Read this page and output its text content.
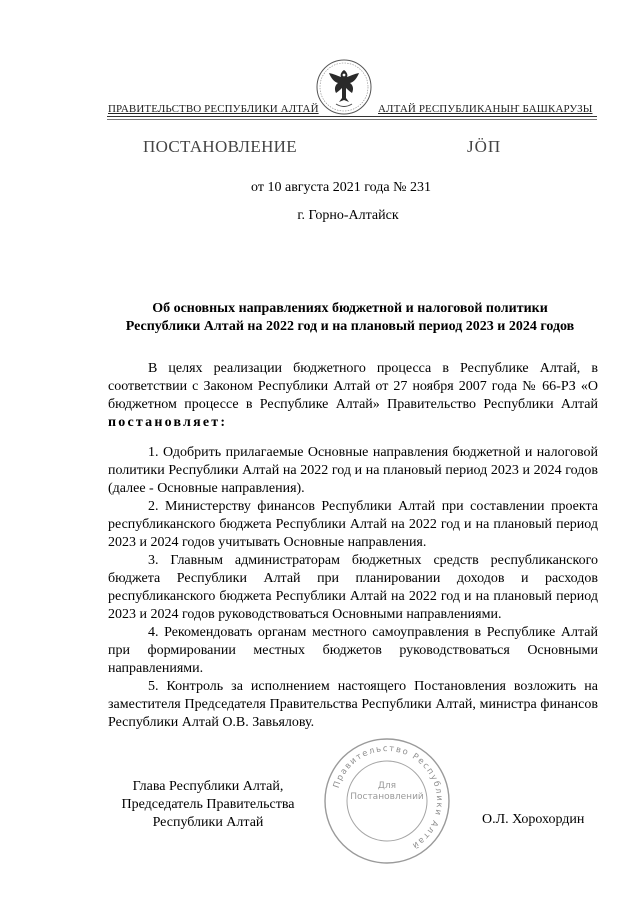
ПРАВИТЕЛЬСТВО РЕСПУБЛИКИ АЛТАЙ	АЛТАЙ РЕСПУБЛИКАНЫҤ БАШКАРУЗЫ
ПОСТАНОВЛЕНИЕ	JӦП
от 10 августа 2021 года № 231
г. Горно-Алтайск
Об основных направлениях бюджетной и налоговой политики
Республики Алтай на 2022 год и на плановый период 2023 и 2024 годов

В целях реализации бюджетного процесса в Республике Алтай, в соответствии с Законом Республики Алтай от 27 ноября 2007 года № 66-РЗ «О бюджетном процессе в Республике Алтай» Правительство Республики Алтай постановляет:

1. Одобрить прилагаемые Основные направления бюджетной и налоговой политики Республики Алтай на 2022 год и на плановый период 2023 и 2024 годов (далее - Основные направления).

2. Министерству финансов Республики Алтай при составлении проекта республиканского бюджета Республики Алтай на 2022 год и на плановый период 2023 и 2024 годов учитывать Основные направления.

3. Главным администраторам бюджетных средств республиканского бюджета Республики Алтай при планировании доходов и расходов республиканского бюджета Республики Алтай на 2022 год и на плановый период 2023 и 2024 годов руководствоваться Основными направлениями.

4. Рекомендовать органам местного самоуправления в Республике Алтай при формировании местных бюджетов руководствоваться Основными направлениями.

5. Контроль за исполнением настоящего Постановления возложить на заместителя Председателя Правительства Республики Алтай, министра финансов Республики Алтай О.В. Завьялову.

Глава Республики Алтай,
Председатель Правительства
Республики Алтай
Правительство Республики Алтай
Для
Постановлений
О.Л. Хорохордин
